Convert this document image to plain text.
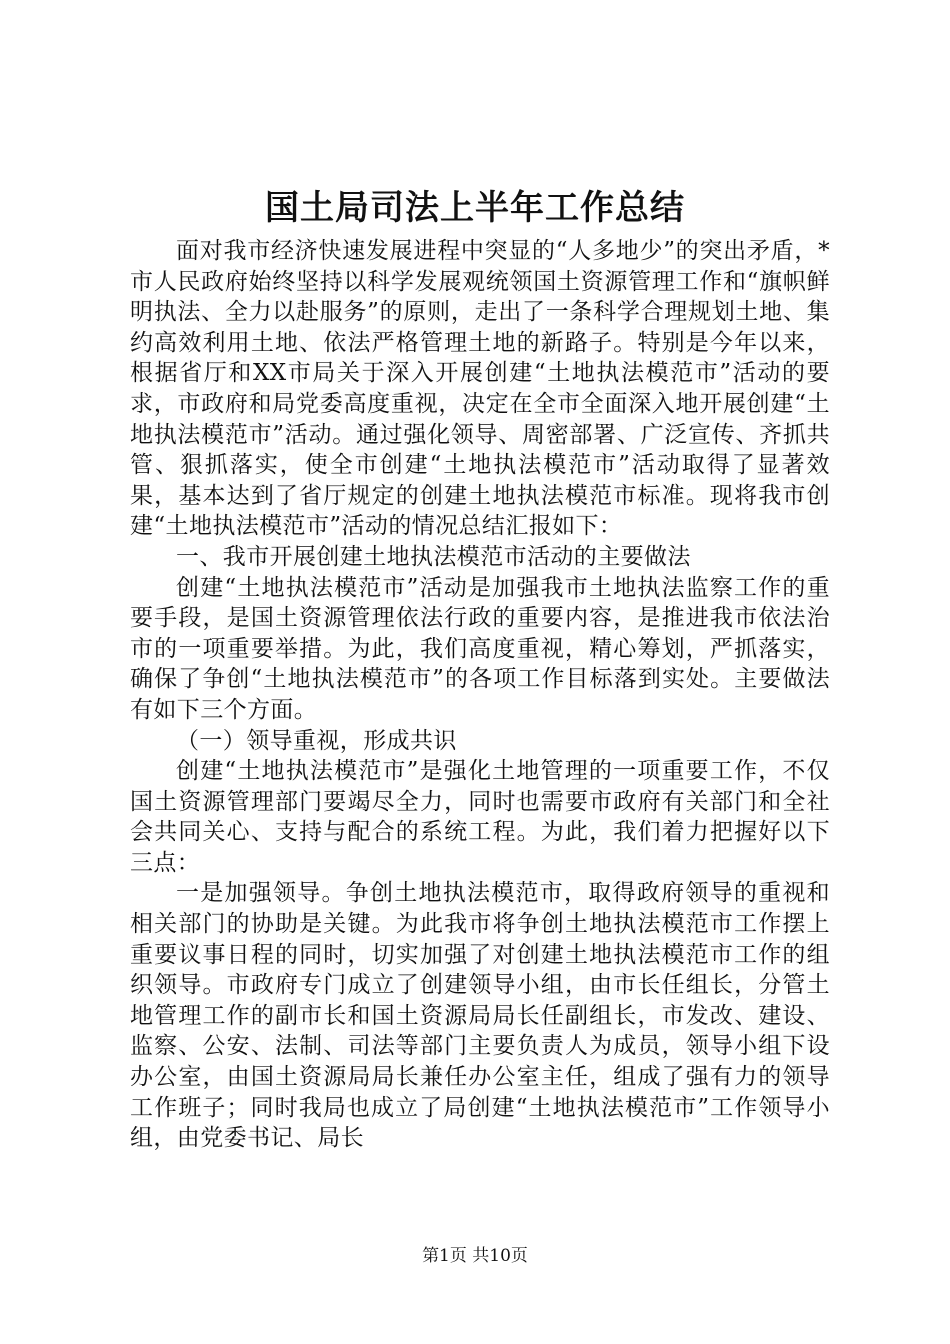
国土局司法上半年工作总结

面对我市经济快速发展进程中突显的“人多地少”的突出矛盾，*市人民政府始终坚持以科学发展观统领国土资源管理工作和“旗帜鲜明执法、全力以赴服务”的原则，走出了一条科学合理规划土地、集约高效利用土地、依法严格管理土地的新路子。特别是今年以来，根据省厅和XX市局关于深入开展创建“土地执法模范市”活动的要求，市政府和局党委高度重视，决定在全市全面深入地开展创建“土地执法模范市”活动。通过强化领导、周密部署、广泛宣传、齐抓共管、狠抓落实，使全市创建“土地执法模范市”活动取得了显著效果，基本达到了省厅规定的创建土地执法模范市标准。现将我市创建“土地执法模范市”活动的情况总结汇报如下：

一、我市开展创建土地执法模范市活动的主要做法

创建“土地执法模范市”活动是加强我市土地执法监察工作的重要手段，是国土资源管理依法行政的重要内容，是推进我市依法治市的一项重要举措。为此，我们高度重视，精心筹划，严抓落实，确保了争创“土地执法模范市”的各项工作目标落到实处。主要做法有如下三个方面。

（一）领导重视，形成共识

创建“土地执法模范市”是强化土地管理的一项重要工作，不仅国土资源管理部门要竭尽全力，同时也需要市政府有关部门和全社会共同关心、支持与配合的系统工程。为此，我们着力把握好以下三点：

一是加强领导。争创土地执法模范市，取得政府领导的重视和相关部门的协助是关键。为此我市将争创土地执法模范市工作摆上重要议事日程的同时，切实加强了对创建土地执法模范市工作的组织领导。市政府专门成立了创建领导小组，由市长任组长，分管土地管理工作的副市长和国土资源局局长任副组长，市发改、建设、监察、公安、法制、司法等部门主要负责人为成员，领导小组下设办公室，由国土资源局局长兼任办公室主任，组成了强有力的领导工作班子；同时我局也成立了局创建“土地执法模范市”工作领导小组，由党委书记、局长

第1页 共10页
